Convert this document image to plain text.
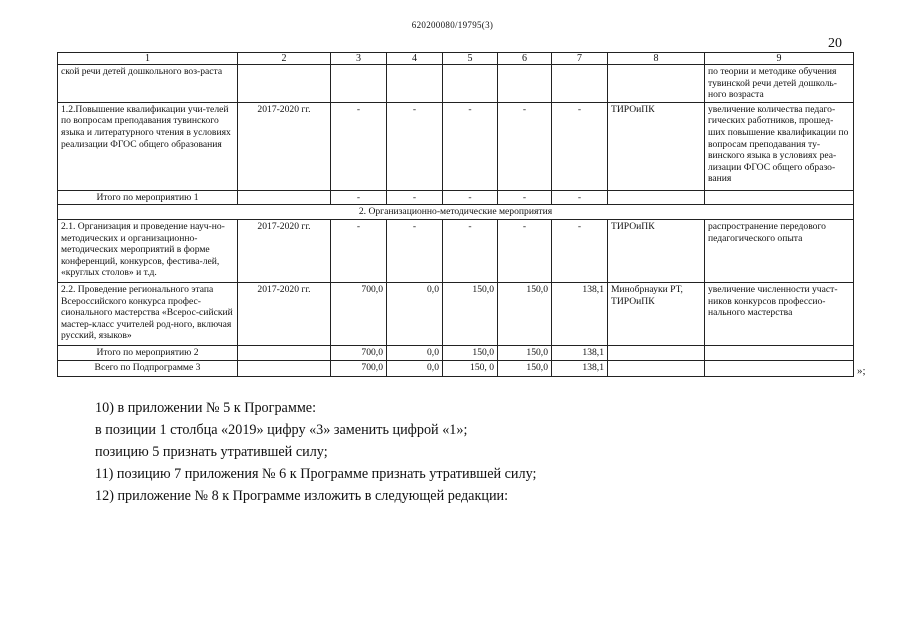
620200080/19795(3)
20
1	2	3	4	5	6	7	8	9
ской речи детей дошкольного воз-раста								по теории и методике обучения тувинской речи детей дошколь-ного возраста
1.2.Повышение квалификации учи-телей по вопросам преподавания тувинского языка и литературного чтения в условиях реализации ФГОС общего образования	2017-2020 гг.	-	-	-	-	-	ТИРОиПК	увеличение количества педаго-гических работников, прошед-ших повышение квалификации по вопросам преподавания ту-винского языка в условиях реа-лизации ФГОС общего образо-вания
Итого по мероприятию 1		-	-	-	-	-		
2. Организационно-методические мероприятия								
2.1. Организация и проведение науч-но-методических и организационно-методических мероприятий в форме конференций, конкурсов, фестива-лей, «круглых столов» и т.д.	2017-2020 гг.	-	-	-	-	-	ТИРОиПК	распространение передового педагогического опыта
2.2. Проведение регионального этапа Всероссийского конкурса профес-сионального мастерства «Всерос-сийский мастер-класс учителей род-ного, включая русский, языков»	2017-2020 гг.	700,0	0,0	150,0	150,0	138,1	Минобрнауки РТ, ТИРОиПК	увеличение численности участ-ников конкурсов профессио-нального мастерства
Итого по мероприятию 2		700,0	0,0	150,0	150,0	138,1		
Всего по Подпрограмме 3		700,0	0,0	150, 0	150,0	138,1			»;
10) в приложении № 5 к Программе:
в позиции 1 столбца «2019» цифру «3» заменить цифрой «1»;
позицию 5 признать утратившей силу;
11) позицию 7 приложения № 6 к Программе признать утратившей силу;
12) приложение № 8 к Программе изложить в следующей редакции:
